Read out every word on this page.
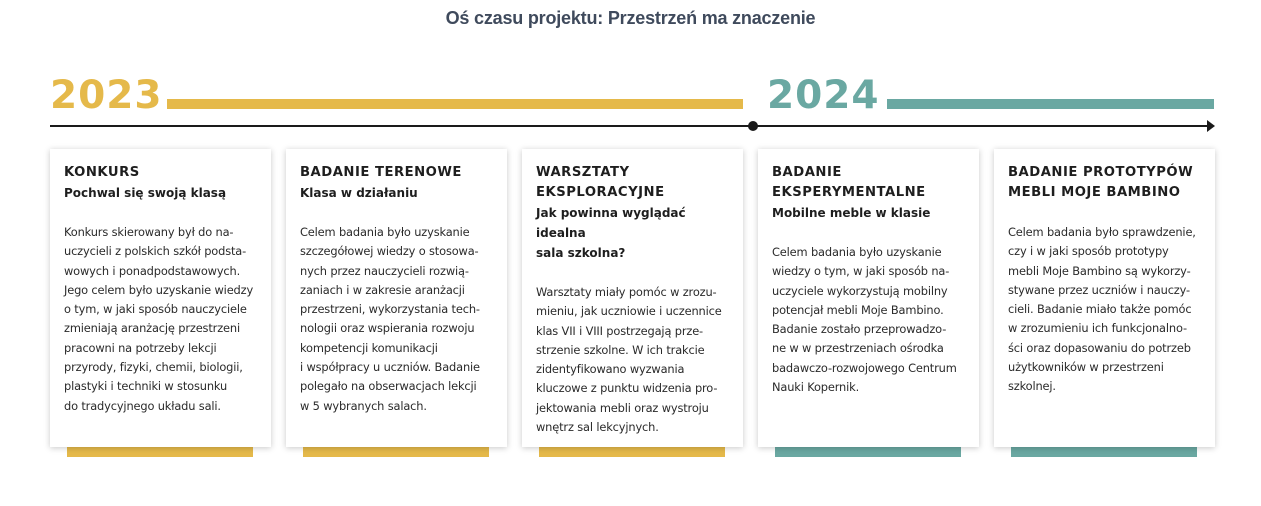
Oś czasu projektu: Przestrzeń ma znaczenie
2023	2024
KONKURS
Pochwal się swoją klasą
Konkurs skierowany był do na-
uczycieli z polskich szkół podsta-
wowych i ponadpodstawowych.
Jego celem było uzyskanie wiedzy
o tym, w jaki sposób nauczyciele
zmieniają aranżację przestrzeni
pracowni na potrzeby lekcji
przyrody, fizyki, chemii, biologii,
plastyki i techniki w stosunku
do tradycyjnego układu sali.
BADANIE TERENOWE
Klasa w działaniu
Celem badania było uzyskanie
szczegółowej wiedzy o stosowa-
nych przez nauczycieli rozwią-
zaniach i w zakresie aranżacji
przestrzeni, wykorzystania tech-
nologii oraz wspierania rozwoju
kompetencji komunikacji
i współpracy u uczniów. Badanie
polegało na obserwacjach lekcji
w 5 wybranych salach.
WARSZTATY
EKSPLORACYJNE
Jak powinna wyglądać idealna
sala szkolna?
Warsztaty miały pomóc w zrozu-
mieniu, jak uczniowie i uczennice
klas VII i VIII postrzegają prze-
strzenie szkolne. W ich trakcie
zidentyfikowano wyzwania
kluczowe z punktu widzenia pro-
jektowania mebli oraz wystroju
wnętrz sal lekcyjnych.
BADANIE
EKSPERYMENTALNE
Mobilne meble w klasie
Celem badania było uzyskanie
wiedzy o tym, w jaki sposób na-
uczyciele wykorzystują mobilny
potencjał mebli Moje Bambino.
Badanie zostało przeprowadzo-
ne w w przestrzeniach ośrodka
badawczo-rozwojowego Centrum
Nauki Kopernik.
BADANIE PROTOTYPÓW
MEBLI MOJE BAMBINO
Celem badania było sprawdzenie,
czy i w jaki sposób prototypy
mebli Moje Bambino są wykorzy-
stywane przez uczniów i nauczy-
cieli. Badanie miało także pomóc
w zrozumieniu ich funkcjonalno-
ści oraz dopasowaniu do potrzeb
użytkowników w przestrzeni
szkolnej.
